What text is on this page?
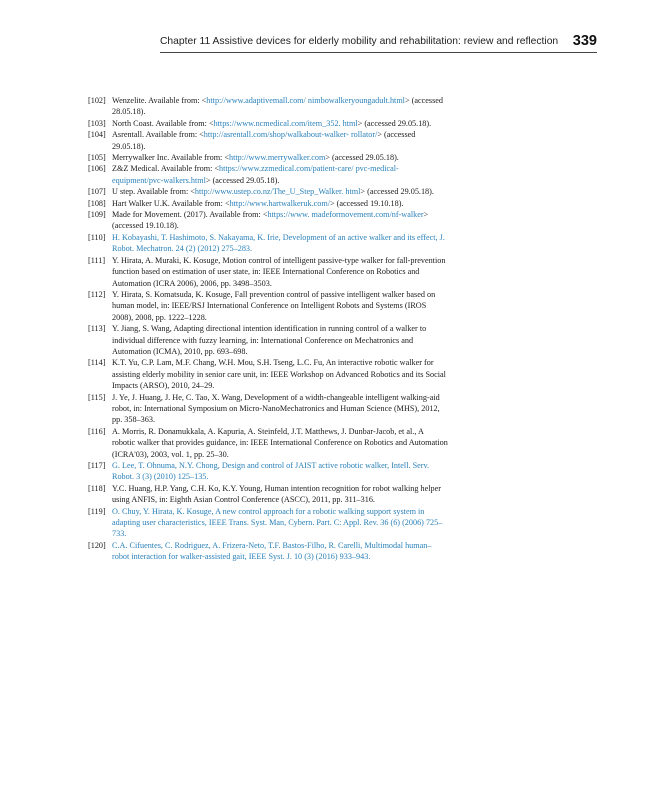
Chapter 11 Assistive devices for elderly mobility and rehabilitation: review and reflection 339

[102] Wenzelite. Available from: <http://www.adaptivemall.com/ nimbowalkeryoungadult.html> (accessed 28.05.18).

[103] North Coast. Available from: <https://www.ncmedical.com/item_352. html> (accessed 29.05.18).

[104] Asrentall. Available from: <http://asrentall.com/shop/walkabout-walker- rollator/> (accessed 29.05.18).

[105] Merrywalker Inc. Available from: <http://www.merrywalker.com> (accessed 29.05.18).

[106] Z&Z Medical. Available from: <https://www.zzmedical.com/patient-care/ pvc-medical-equipment/pvc-walkers.html> (accessed 29.05.18).

[107] U step. Available from: <http://www.ustep.co.nz/The_U_Step_Walker. html> (accessed 29.05.18).

[108] Hart Walker U.K. Available from: <http://www.hartwalkeruk.com/> (accessed 19.10.18).

[109] Made for Movement. (2017). Available from: <https://www. madeformovement.com/nf-walker> (accessed 19.10.18).

[110] H. Kobayashi, T. Hashimoto, S. Nakayama, K. Irie, Development of an active walker and its effect, J. Robot. Mechatron. 24 (2) (2012) 275–283.

[111] Y. Hirata, A. Muraki, K. Kosuge, Motion control of intelligent passive-type walker for fall-prevention function based on estimation of user state, in: IEEE International Conference on Robotics and Automation (ICRA 2006), 2006, pp. 3498–3503.

[112] Y. Hirata, S. Komatsuda, K. Kosuge, Fall prevention control of passive intelligent walker based on human model, in: IEEE/RSJ International Conference on Intelligent Robots and Systems (IROS 2008), 2008, pp. 1222–1228.

[113] Y. Jiang, S. Wang, Adapting directional intention identification in running control of a walker to individual difference with fuzzy learning, in: International Conference on Mechatronics and Automation (ICMA), 2010, pp. 693–698.

[114] K.T. Yu, C.P. Lam, M.F. Chang, W.H. Mou, S.H. Tseng, L.C. Fu, An interactive robotic walker for assisting elderly mobility in senior care unit, in: IEEE Workshop on Advanced Robotics and its Social Impacts (ARSO), 2010, 24–29.

[115] J. Ye, J. Huang, J. He, C. Tao, X. Wang, Development of a width-changeable intelligent walking-aid robot, in: International Symposium on Micro-NanoMechatronics and Human Science (MHS), 2012, pp. 358–363.

[116] A. Morris, R. Donamukkala, A. Kapuria, A. Steinfeld, J.T. Matthews, J. Dunbar-Jacob, et al., A robotic walker that provides guidance, in: IEEE International Conference on Robotics and Automation (ICRA'03), 2003, vol. 1, pp. 25–30.

[117] G. Lee, T. Ohnuma, N.Y. Chong, Design and control of JAIST active robotic walker, Intell. Serv. Robot. 3 (3) (2010) 125–135.

[118] Y.C. Huang, H.P. Yang, C.H. Ko, K.Y. Young, Human intention recognition for robot walking helper using ANFIS, in: Eighth Asian Control Conference (ASCC), 2011, pp. 311–316.

[119] O. Chuy, Y. Hirata, K. Kosuge, A new control approach for a robotic walking support system in adapting user characteristics, IEEE Trans. Syst. Man, Cybern. Part. C: Appl. Rev. 36 (6) (2006) 725–733.

[120] C.A. Cifuentes, C. Rodriguez, A. Frizera-Neto, T.F. Bastos-Filho, R. Carelli, Multimodal human–robot interaction for walker-assisted gait, IEEE Syst. J. 10 (3) (2016) 933–943.
